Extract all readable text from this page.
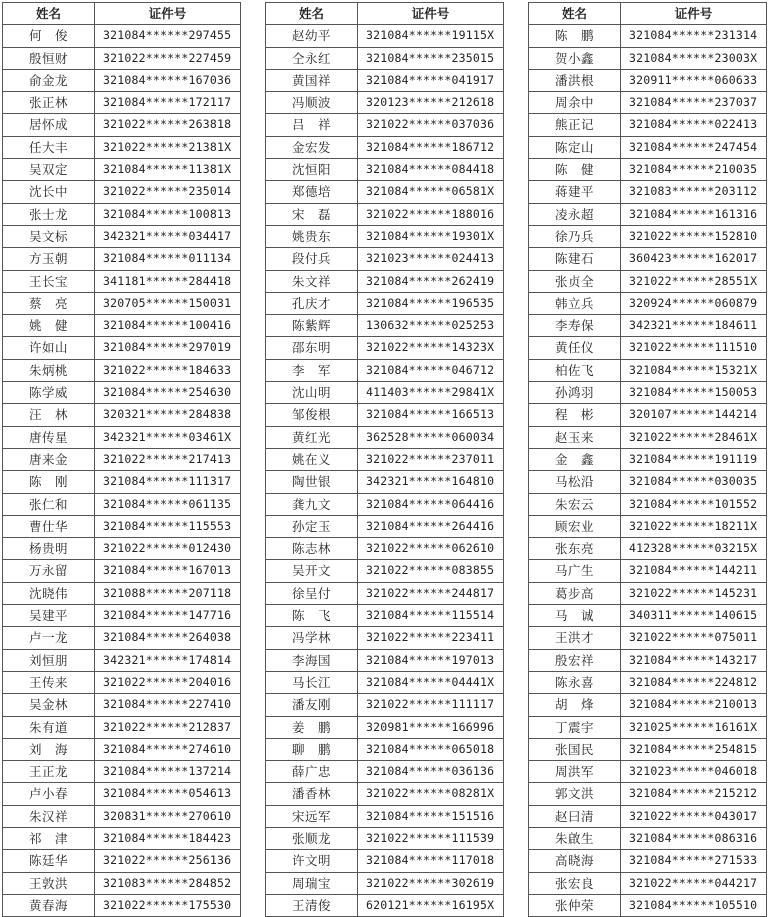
姓名	证件号
何　俊	321084******297455
殷恒财	321022******227459
俞金龙	321084******167036
张正林	321084******172117
居怀成	321022******263818
任大丰	321022******21381X
吴双定	321084******11381X
沈长中	321022******235014
张士龙	321084******100813
吴文标	342321******034417
方玉朝	321084******011134
王长宝	341181******284418
蔡　亮	320705******150031
姚　健	321084******100416
许如山	321084******297019
朱炳桃	321022******184633
陈学威	321084******254630
汪　林	320321******284838
唐传星	342321******03461X
唐来金	321022******217413
陈　刚	321084******111317
张仁和	321084******061135
曹仕华	321084******115553
杨贵明	321022******012430
万永留	321084******167013
沈晓伟	321088******207118
吴建平	321084******147716
卢一龙	321084******264038
刘恒朋	342321******174814
王传来	321022******204016
吴金林	321084******227410
朱有道	321022******212837
刘　海	321084******274610
王正龙	321084******137214
卢小春	321084******054613
朱汉祥	320831******270610
祁　津	321084******184423
陈廷华	321022******256136
王敦洪	321083******284852
黄春海	321022******175530
姓名	证件号
赵幼平	321084******19115X
仝永红	321084******235015
黄国祥	321084******041917
冯顺波	320123******212618
吕　祥	321022******037036
金宏发	321084******186712
沈恒阳	321084******084418
郑德培	321084******06581X
宋　磊	321022******188016
姚贵东	321084******19301X
段付兵	321023******024413
朱文祥	321084******262419
孔庆才	321084******196535
陈紫辉	130632******025253
邵东明	321022******14323X
李　军	321084******046712
沈山明	411403******29841X
邹俊根	321084******166513
黄红光	362528******060034
姚在义	321022******237011
陶世银	342321******164810
龚九文	321084******064416
孙定玉	321084******264416
陈志林	321022******062610
吴开文	321022******083855
徐呈付	321022******244817
陈　飞	321084******115514
冯学林	321022******223411
李海国	321084******197013
马长江	321084******04441X
潘友刚	321022******111117
姜　鹏	320981******166996
聊　鹏	321084******065018
薛广忠	321084******036136
潘香林	321022******08281X
宋远军	321084******151516
张顺龙	321022******111539
许文明	321084******117018
周瑞宝	321022******302619
王清俊	620121******16195X
姓名	证件号
陈　鹏	321084******231314
贺小鑫	321084******23003X
潘洪根	320911******060633
周余中	321084******237037
熊正记	321084******022413
陈定山	321084******247454
陈　健	321084******210035
蒋建平	321083******203112
凌永超	321084******161316
徐乃兵	321022******152810
陈建石	360423******162017
张贞全	321022******28551X
韩立兵	320924******060879
李寿保	342321******184611
黄任仪	321022******111510
柏佐飞	321084******15321X
孙鸿羽	321084******150053
程　彬	320107******144214
赵玉来	321022******28461X
金　鑫	321084******191119
马松沿	321084******030035
朱宏云	321084******101552
顾宏业	321022******18211X
张东亮	412328******03215X
马广生	321084******144211
葛步高	321022******145231
马　诚	340311******140615
王洪才	321022******075011
殷宏祥	321084******143217
陈永喜	321084******224812
胡　烽	321084******210013
丁震宇	321025******16161X
张国民	321084******254815
周洪军	321023******046018
郭文洪	321084******215212
赵曰清	321022******043017
朱啟生	321084******086316
高晓海	321084******271533
张宏良	321022******044217
张仲荣	321084******105510
